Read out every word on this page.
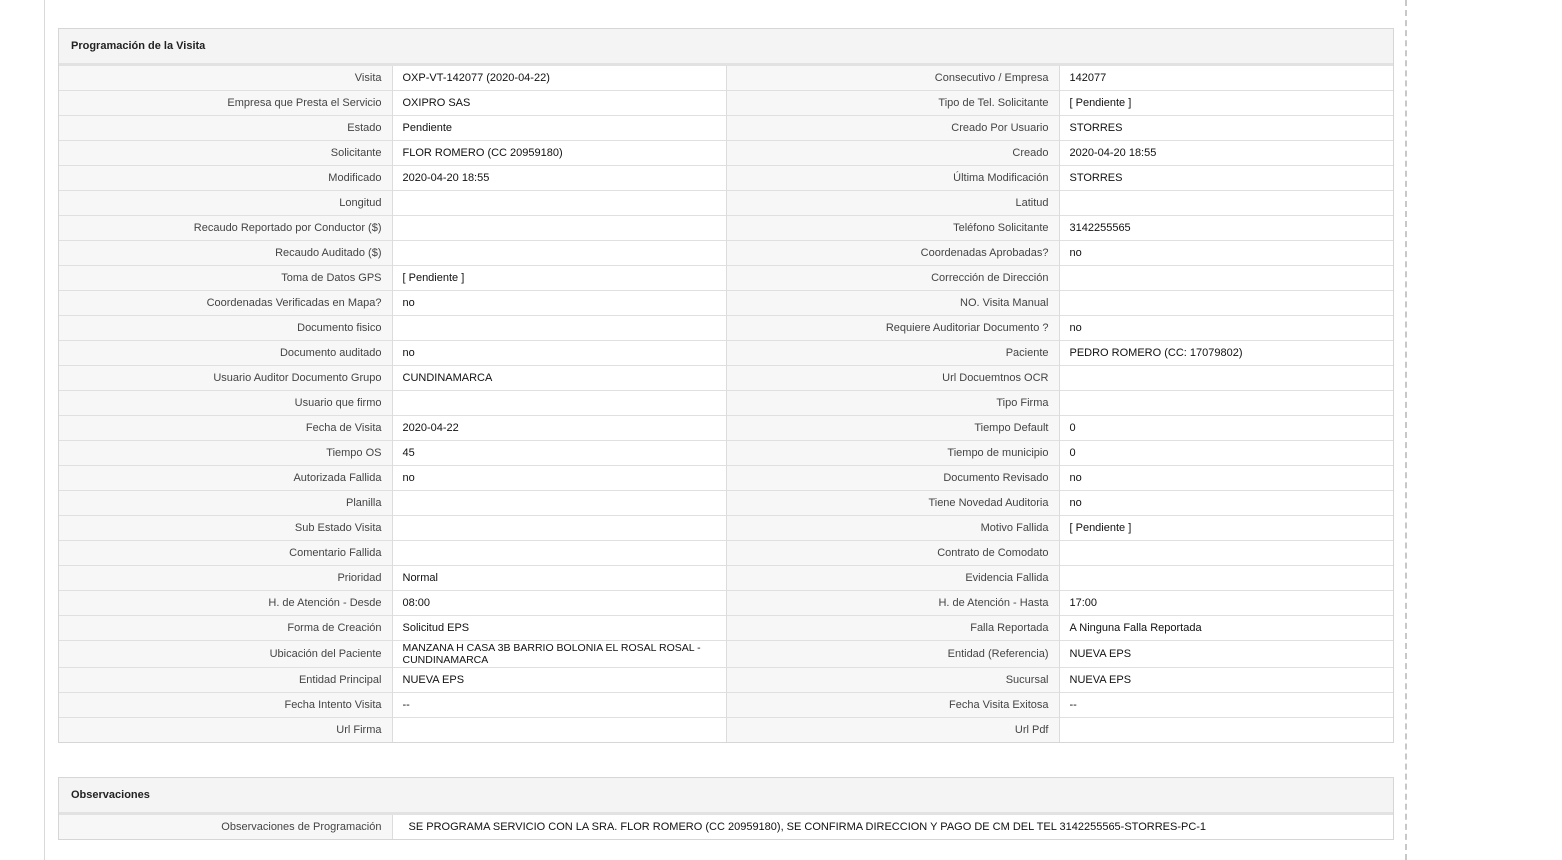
Programación de la Visita
Visita	OXP-VT-142077 (2020-04-22)	Consecutivo / Empresa	142077
Empresa que Presta el Servicio	OXIPRO SAS	Tipo de Tel. Solicitante	[ Pendiente ]
Estado	Pendiente	Creado Por Usuario	STORRES
Solicitante	FLOR ROMERO (CC 20959180)	Creado	2020-04-20 18:55
Modificado	2020-04-20 18:55	Última Modificación	STORRES
Longitud		Latitud	
Recaudo Reportado por Conductor ($)		Teléfono Solicitante	3142255565
Recaudo Auditado ($)		Coordenadas Aprobadas?	no
Toma de Datos GPS	[ Pendiente ]	Corrección de Dirección	
Coordenadas Verificadas en Mapa?	no	NO. Visita Manual	
Documento fisico		Requiere Auditoriar Documento ?	no
Documento auditado	no	Paciente	PEDRO ROMERO (CC: 17079802)
Usuario Auditor Documento Grupo	CUNDINAMARCA	Url Docuemtnos OCR	
Usuario que firmo		Tipo Firma	
Fecha de Visita	2020-04-22	Tiempo Default	0
Tiempo OS	45	Tiempo de municipio	0
Autorizada Fallida	no	Documento Revisado	no
Planilla		Tiene Novedad Auditoria	no
Sub Estado Visita		Motivo Fallida	[ Pendiente ]
Comentario Fallida		Contrato de Comodato	
Prioridad	Normal	Evidencia Fallida	
H. de Atención - Desde	08:00	H. de Atención - Hasta	17:00
Forma de Creación	Solicitud EPS	Falla Reportada	A Ninguna Falla Reportada
Ubicación del Paciente	MANZANA H CASA 3B BARRIO BOLONIA EL ROSAL ROSAL - CUNDINAMARCA	Entidad (Referencia)	NUEVA EPS
Entidad Principal	NUEVA EPS	Sucursal	NUEVA EPS
Fecha Intento Visita	--	Fecha Visita Exitosa	--
Url Firma		Url Pdf	
Observaciones
Observaciones de Programación	SE PROGRAMA SERVICIO CON LA SRA. FLOR ROMERO (CC 20959180), SE CONFIRMA DIRECCION Y PAGO DE CM DEL TEL 3142255565-STORRES-PC-1
